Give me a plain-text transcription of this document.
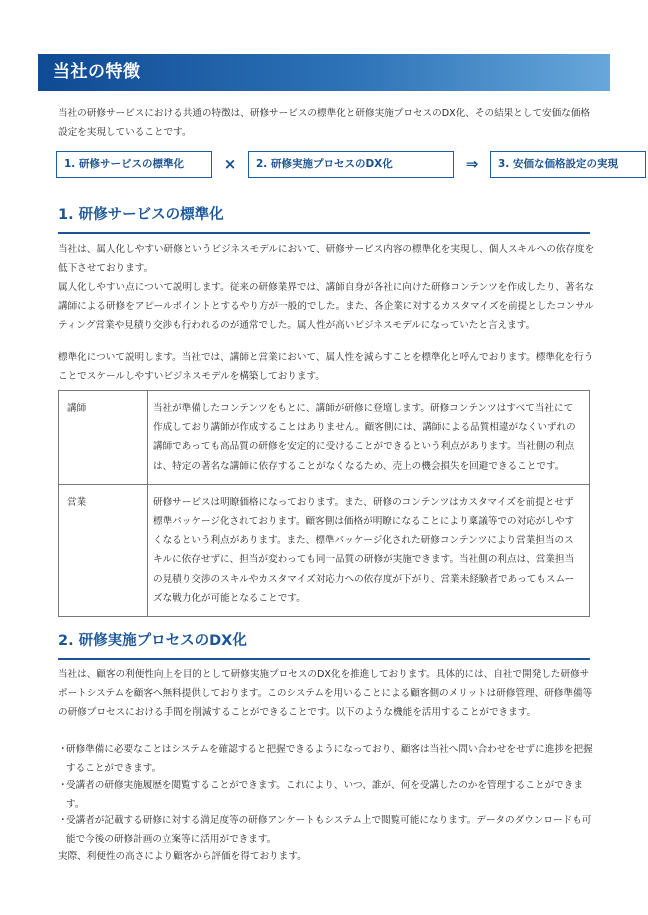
当社の特徴

当社の研修サービスにおける共通の特徴は、研修サービスの標準化と研修実施プロセスのDX化、その結果として安価な価格設定を実現していることです。

1. 研修サービスの標準化	×	2. 研修実施プロセスのDX化	⇒	3. 安価な価格設定の実現
1. 研修サービスの標準化

当社は、属人化しやすい研修というビジネスモデルにおいて、研修サービス内容の標準化を実現し、個人スキルへの依存度を低下させております。

属人化しやすい点について説明します。従来の研修業界では、講師自身が各社に向けた研修コンテンツを作成したり、著名な講師による研修をアピールポイントとするやり方が一般的でした。また、各企業に対するカスタマイズを前提としたコンサルティング営業や見積り交渉も行われるのが通常でした。属人性が高いビジネスモデルになっていたと言えます。

標準化について説明します。当社では、講師と営業において、属人性を減らすことを標準化と呼んでおります。標準化を行うことでスケールしやすいビジネスモデルを構築しております。

講師	当社が準備したコンテンツをもとに、講師が研修に登壇します。研修コンテンツはすべて当社にて作成しており講師が作成することはありません。顧客側には、講師による品質相違がなくいずれの講師であっても高品質の研修を安定的に受けることができるという利点があります。当社側の利点は、特定の著名な講師に依存することがなくなるため、売上の機会損失を回避できることです。
営業	研修サービスは明瞭価格になっております。また、研修のコンテンツはカスタマイズを前提とせず標準パッケージ化されております。顧客側は価格が明瞭になることにより稟議等での対応がしやすくなるという利点があります。また、標準パッケージ化された研修コンテンツにより営業担当のスキルに依存せずに、担当が変わっても同一品質の研修が実施できます。当社側の利点は、営業担当の見積り交渉のスキルやカスタマイズ対応力への依存度が下がり、営業未経験者であってもスムーズな戦力化が可能となることです。
2. 研修実施プロセスのDX化

当社は、顧客の利便性向上を目的として研修実施プロセスのDX化を推進しております。具体的には、自社で開発した研修サポートシステムを顧客へ無料提供しております。このシステムを用いることによる顧客側のメリットは研修管理、研修準備等の研修プロセスにおける手間を削減することができることです。以下のような機能を活用することができます。

・
研修準備に必要なことはシステムを確認すると把握できるようになっており、顧客は当社へ問い合わせをせずに進捗を把握することができます。
・
受講者の研修実施履歴を閲覧することができます。これにより、いつ、誰が、何を受講したのかを管理することができます。
・
受講者が記載する研修に対する満足度等の研修アンケートもシステム上で閲覧可能になります。データのダウンロードも可能で今後の研修計画の立案等に活用ができます。

実際、利便性の高さにより顧客から評価を得ております。
